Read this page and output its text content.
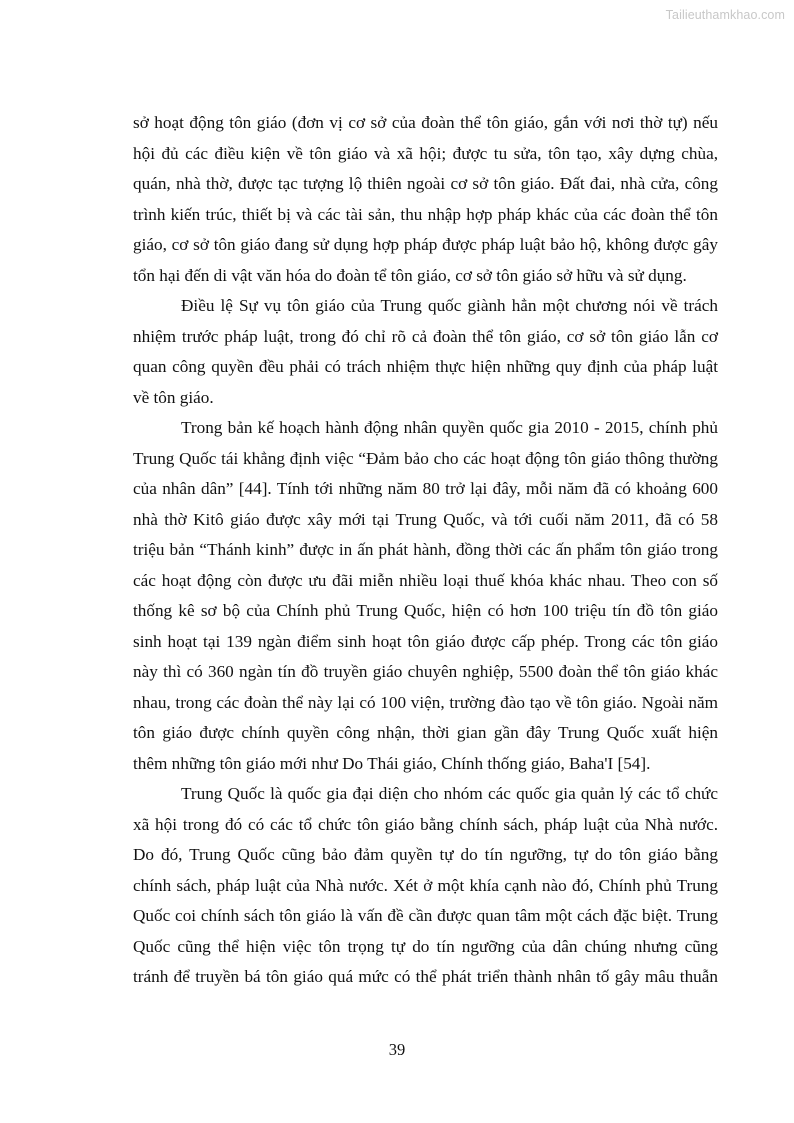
Tailieuthamkhao.com
sở hoạt động tôn giáo (đơn vị cơ sở của đoàn thể tôn giáo, gắn với nơi thờ tự) nếu
hội đủ các điều kiện về tôn giáo và xã hội; được tu sửa, tôn tạo, xây dựng chùa,
quán, nhà thờ, được tạc tượng lộ thiên ngoài cơ sở tôn giáo. Đất đai, nhà cửa, công
trình kiến trúc, thiết bị và các tài sản, thu nhập hợp pháp khác của các đoàn thể tôn
giáo, cơ sở tôn giáo đang sử dụng hợp pháp được pháp luật bảo hộ, không được gây
tổn hại đến di vật văn hóa do đoàn tể tôn giáo, cơ sở tôn giáo sở hữu và sử dụng.
Điều lệ Sự vụ tôn giáo của Trung quốc giành hẳn một chương nói về trách
nhiệm trước pháp luật, trong đó chỉ rõ cả đoàn thể tôn giáo, cơ sở tôn giáo lẫn cơ
quan công quyền đều phải có trách nhiệm thực hiện những quy định của pháp luật
về tôn giáo.
Trong bản kế hoạch hành động nhân quyền quốc gia 2010 - 2015, chính phủ
Trung Quốc tái khẳng định việc “Đảm bảo cho các hoạt động tôn giáo thông thường
của nhân dân” [44]. Tính tới những năm 80 trở lại đây, mỗi năm đã có khoảng 600
nhà thờ Kitô giáo được xây mới tại Trung Quốc, và tới cuối năm 2011, đã có 58
triệu bản “Thánh kinh” được in ấn phát hành, đồng thời các ấn phẩm tôn giáo trong
các hoạt động còn được ưu đãi miễn nhiều loại thuế khóa khác nhau. Theo con số
thống kê sơ bộ của Chính phủ Trung Quốc, hiện có hơn 100 triệu tín đồ tôn giáo
sinh hoạt tại 139 ngàn điểm sinh hoạt tôn giáo được cấp phép. Trong các tôn giáo
này thì có 360 ngàn tín đồ truyền giáo chuyên nghiệp, 5500 đoàn thể tôn giáo khác
nhau, trong các đoàn thể này lại có 100 viện, trường đào tạo về tôn giáo. Ngoài năm
tôn giáo được chính quyền công nhận, thời gian gần đây Trung Quốc xuất hiện
thêm những tôn giáo mới như Do Thái giáo, Chính thống giáo, Baha'I [54].
Trung Quốc là quốc gia đại diện cho nhóm các quốc gia quản lý các tổ chức
xã hội trong đó có các tổ chức tôn giáo bằng chính sách, pháp luật của Nhà nước.
Do đó, Trung Quốc cũng bảo đảm quyền tự do tín ngưỡng, tự do tôn giáo bằng
chính sách, pháp luật của Nhà nước. Xét ở một khía cạnh nào đó, Chính phủ Trung
Quốc coi chính sách tôn giáo là vấn đề cần được quan tâm một cách đặc biệt. Trung
Quốc cũng thể hiện việc tôn trọng tự do tín ngưỡng của dân chúng nhưng cũng
tránh để truyền bá tôn giáo quá mức có thể phát triển thành nhân tố gây mâu thuẫn
39
